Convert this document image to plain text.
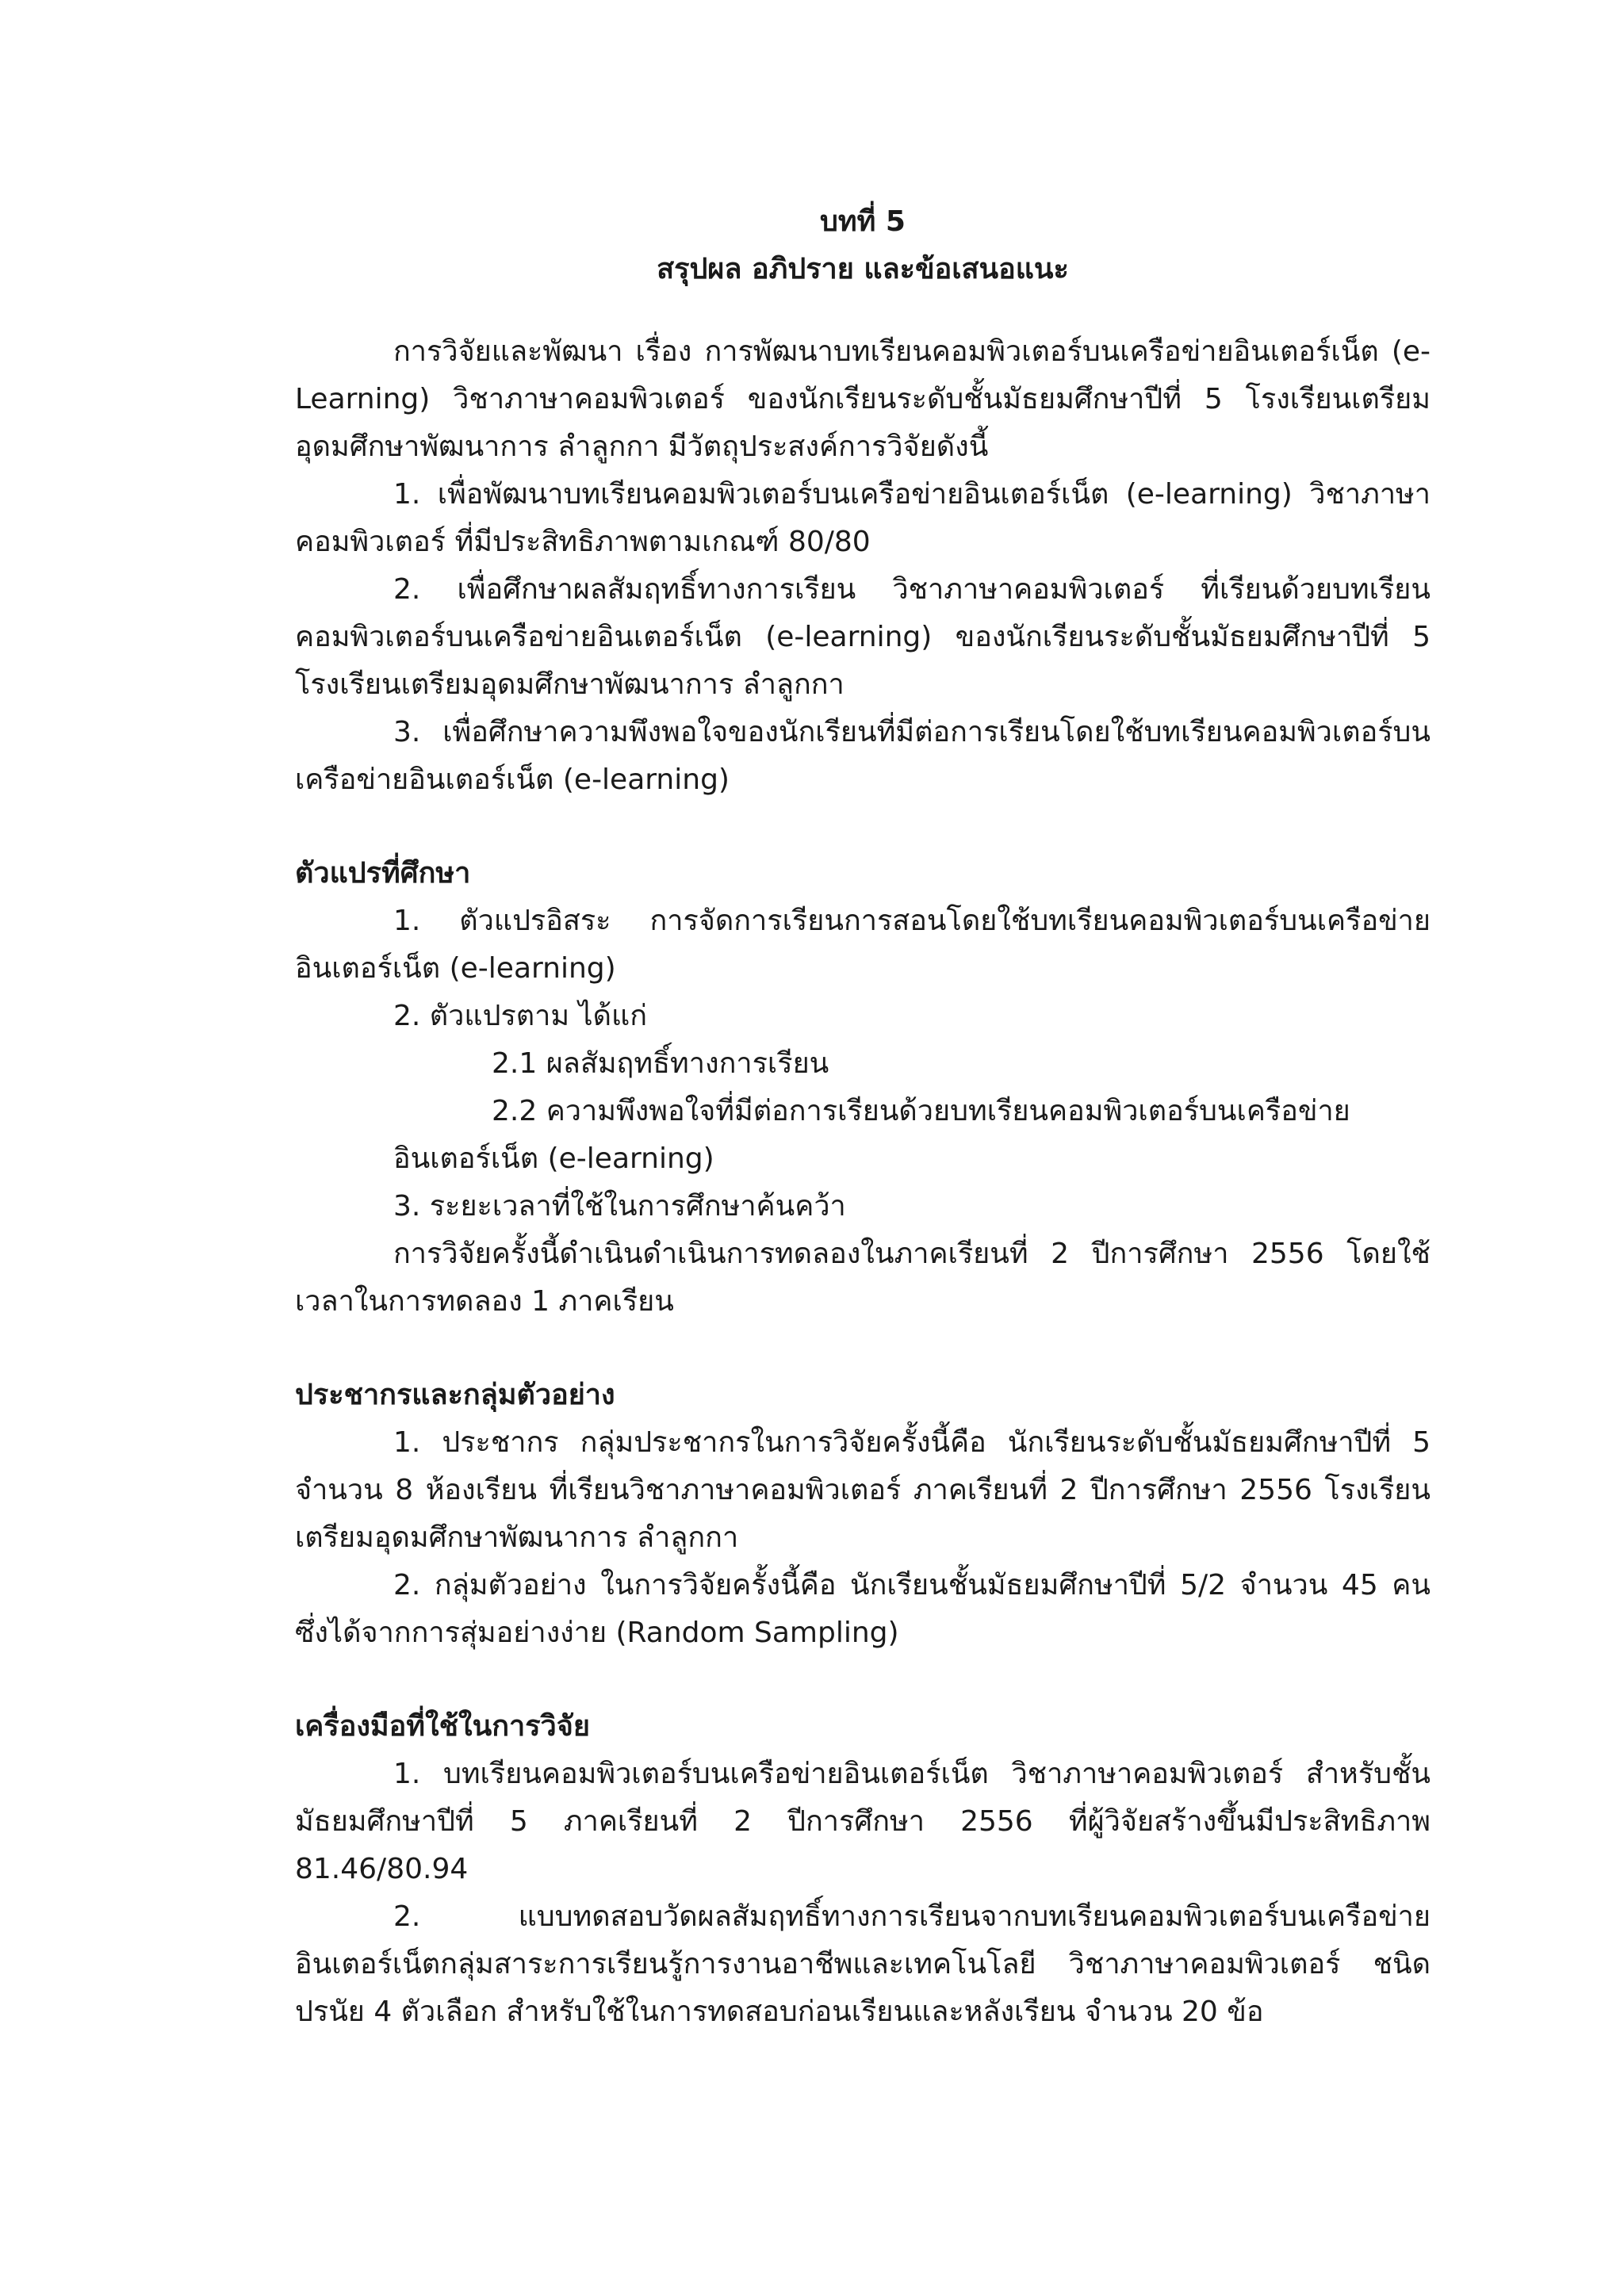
บทที่ 5

สรุปผล อภิปราย และข้อเสนอแนะ

การวิจัยและพัฒนา เรื่อง การพัฒนาบทเรียนคอมพิวเตอร์บนเครือข่ายอินเตอร์เน็ต (e-Learning) วิชาภาษาคอมพิวเตอร์ ของนักเรียนระดับชั้นมัธยมศึกษาปีที่ 5 โรงเรียนเตรียมอุดมศึกษาพัฒนาการ ลำลูกกา มีวัตถุประสงค์การวิจัยดังนี้

1. เพื่อพัฒนาบทเรียนคอมพิวเตอร์บนเครือข่ายอินเตอร์เน็ต (e-learning) วิชาภาษาคอมพิวเตอร์ ที่มีประสิทธิภาพตามเกณฑ์ 80/80

2. เพื่อศึกษาผลสัมฤทธิ์ทางการเรียน วิชาภาษาคอมพิวเตอร์ ที่เรียนด้วยบทเรียนคอมพิวเตอร์บนเครือข่ายอินเตอร์เน็ต (e-learning) ของนักเรียนระดับชั้นมัธยมศึกษาปีที่ 5 โรงเรียนเตรียมอุดมศึกษาพัฒนาการ ลำลูกกา

3. เพื่อศึกษาความพึงพอใจของนักเรียนที่มีต่อการเรียนโดยใช้บทเรียนคอมพิวเตอร์บนเครือข่ายอินเตอร์เน็ต (e-learning)

ตัวแปรที่ศึกษา

1. ตัวแปรอิสระ การจัดการเรียนการสอนโดยใช้บทเรียนคอมพิวเตอร์บนเครือข่ายอินเตอร์เน็ต (e-learning)

2. ตัวแปรตาม ได้แก่

2.1 ผลสัมฤทธิ์ทางการเรียน

2.2 ความพึงพอใจที่มีต่อการเรียนด้วยบทเรียนคอมพิวเตอร์บนเครือข่าย

อินเตอร์เน็ต (e-learning)

3. ระยะเวลาที่ใช้ในการศึกษาค้นคว้า

การวิจัยครั้งนี้ดำเนินดำเนินการทดลองในภาคเรียนที่ 2 ปีการศึกษา 2556 โดยใช้เวลาในการทดลอง 1 ภาคเรียน

ประชากรและกลุ่มตัวอย่าง

1. ประชากร กลุ่มประชากรในการวิจัยครั้งนี้คือ นักเรียนระดับชั้นมัธยมศึกษาปีที่ 5 จำนวน 8 ห้องเรียน ที่เรียนวิชาภาษาคอมพิวเตอร์ ภาคเรียนที่ 2 ปีการศึกษา 2556 โรงเรียนเตรียมอุดมศึกษาพัฒนาการ ลำลูกกา

2. กลุ่มตัวอย่าง ในการวิจัยครั้งนี้คือ นักเรียนชั้นมัธยมศึกษาปีที่ 5/2 จำนวน 45 คน ซึ่งได้จากการสุ่มอย่างง่าย (Random Sampling)

เครื่องมือที่ใช้ในการวิจัย

1. บทเรียนคอมพิวเตอร์บนเครือข่ายอินเตอร์เน็ต วิชาภาษาคอมพิวเตอร์ สำหรับชั้นมัธยมศึกษาปีที่ 5 ภาคเรียนที่ 2 ปีการศึกษา 2556 ที่ผู้วิจัยสร้างขึ้นมีประสิทธิภาพ 81.46/80.94

2. แบบทดสอบวัดผลสัมฤทธิ์ทางการเรียนจากบทเรียนคอมพิวเตอร์บนเครือข่ายอินเตอร์เน็ตกลุ่มสาระการเรียนรู้การงานอาชีพและเทคโนโลยี วิชาภาษาคอมพิวเตอร์ ชนิดปรนัย 4 ตัวเลือก สำหรับใช้ในการทดสอบก่อนเรียนและหลังเรียน จำนวน 20 ข้อ
